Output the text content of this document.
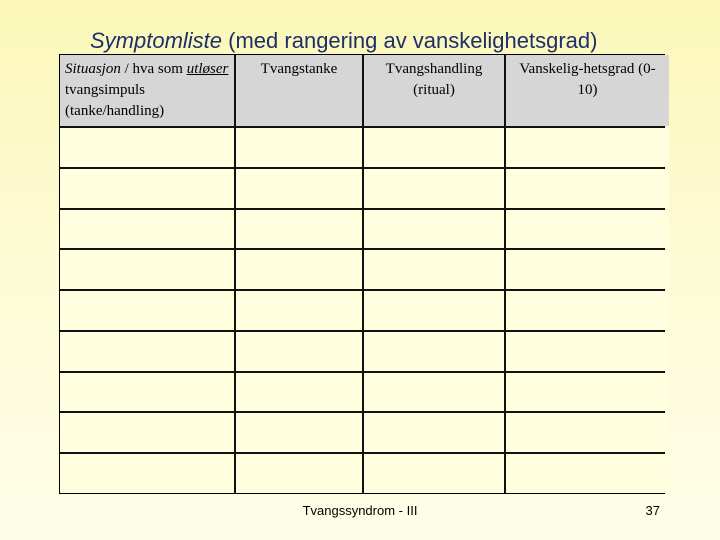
Symptomliste (med rangering av vanskelighetsgrad)
Situasjon / hva som utløser tvangsimpuls (tanke/handling)
Tvangstanke	Tvangshandling (ritual)
Vanskelig-hetsgrad (0-10)
Tvangssyndrom - III	37
